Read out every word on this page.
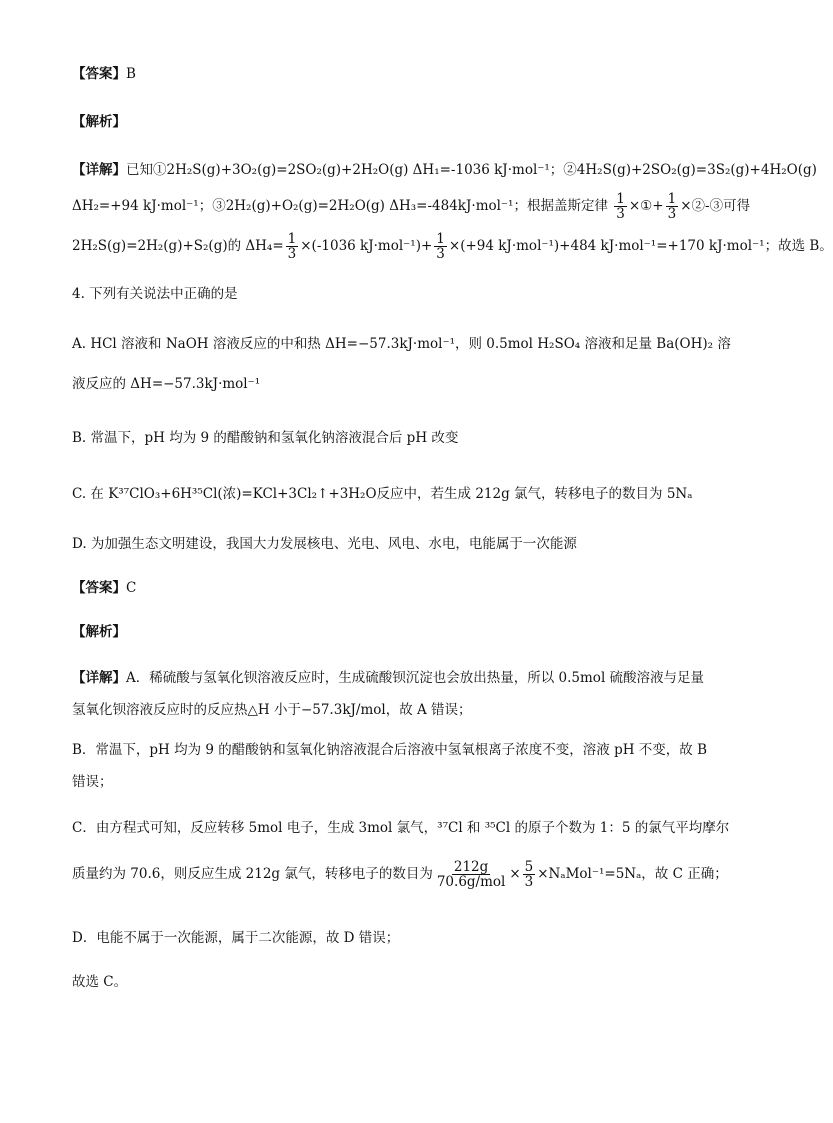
【答案】B
【解析】
【详解】已知①2H₂S(g)+3O₂(g)=2SO₂(g)+2H₂O(g) ΔH₁=-1036 kJ·mol⁻¹；②4H₂S(g)+2SO₂(g)=3S₂(g)+4H₂O(g)
ΔH₂=+94 kJ·mol⁻¹；③2H₂(g)+O₂(g)=2H₂O(g) ΔH₃=-484kJ·mol⁻¹；根据盖斯定律 $\frac{1}{3}$ ×①+ $\frac{1}{3}$ ×②-③可得
2H₂S(g)=2H₂(g)+S₂(g)的 $\Delta H_4= \frac{1}{3} \times(-1036$ $kJ\cdot mol^{-1})+ \frac{1}{3} \times(+94$ kJ·mol⁻¹)+484 kJ·mol⁻¹=+170 kJ·mol⁻¹；故选 B。
4. 下列有关说法中正确的是
A. HCl 溶液和 NaOH 溶液反应的中和热 ΔH=−57.3kJ·mol⁻¹，则 0.5mol H₂SO₄ 溶液和足量 Ba(OH)₂ 溶
液反应的 ΔH=−57.3kJ·mol⁻¹
B. 常温下，pH 均为 9 的醋酸钠和氢氧化钠溶液混合后 pH 改变
C. 在 K³⁷ClO₃+6H³⁵Cl(浓)=KCl+3Cl₂↑+3H₂O反应中，若生成 212g 氯气，转移电子的数目为 5Nₐ
D. 为加强生态文明建设，我国大力发展核电、光电、风电、水电，电能属于一次能源
【答案】C
【解析】
【详解】A．稀硫酸与氢氧化钡溶液反应时，生成硫酸钡沉淀也会放出热量，所以 0.5mol 硫酸溶液与足量
氢氧化钡溶液反应时的反应热△H 小于−57.3kJ/mol，故 A 错误；
B．常温下，pH 均为 9 的醋酸钠和氢氧化钠溶液混合后溶液中氢氧根离子浓度不变，溶液 pH 不变，故 B
错误；
C．由方程式可知，反应转移 5mol 电子，生成 3mol 氯气，³⁷Cl 和 ³⁵Cl 的原子个数为 1：5 的氯气平均摩尔
质量约为 70.6，则反应生成 212g 氯气，转移电子的数目为 $\frac{212g}{\text{70.6g/mol}} \times \frac{5}{3} \times N_aMol^{-1}=5N_a$，故 C 正确；
D．电能不属于一次能源，属于二次能源，故 D 错误；
故选 C。
